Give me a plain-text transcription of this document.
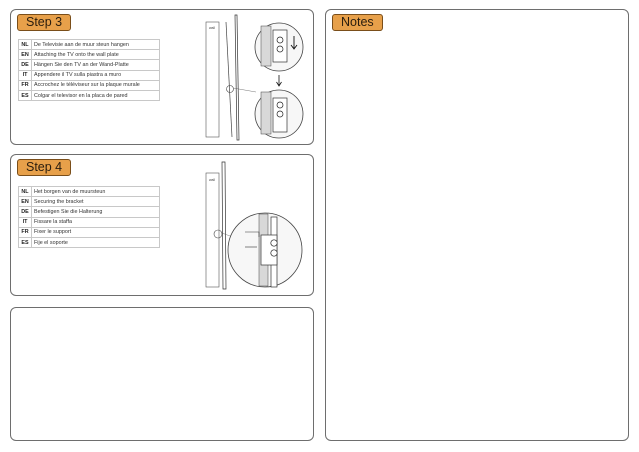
Step 3
NL	De Televisie aan de muur steun hangen
EN	Attaching the TV onto the wall plate
DE	Hängen Sie den TV an der Wand-Platte
IT	Appendere il TV sulla piastra a muro
FR	Accrochez le téléviseur sur la plaque murale
ES	Colgar el televisor en la placa de pared
wall
Step 4
NL	Het borgen van de muursteun
EN	Securing the bracket
DE	Befestigen Sie die Halterung
IT	Fissare la staffa
FR	Fixer le support
ES	Fije el soporte
wall
Notes
